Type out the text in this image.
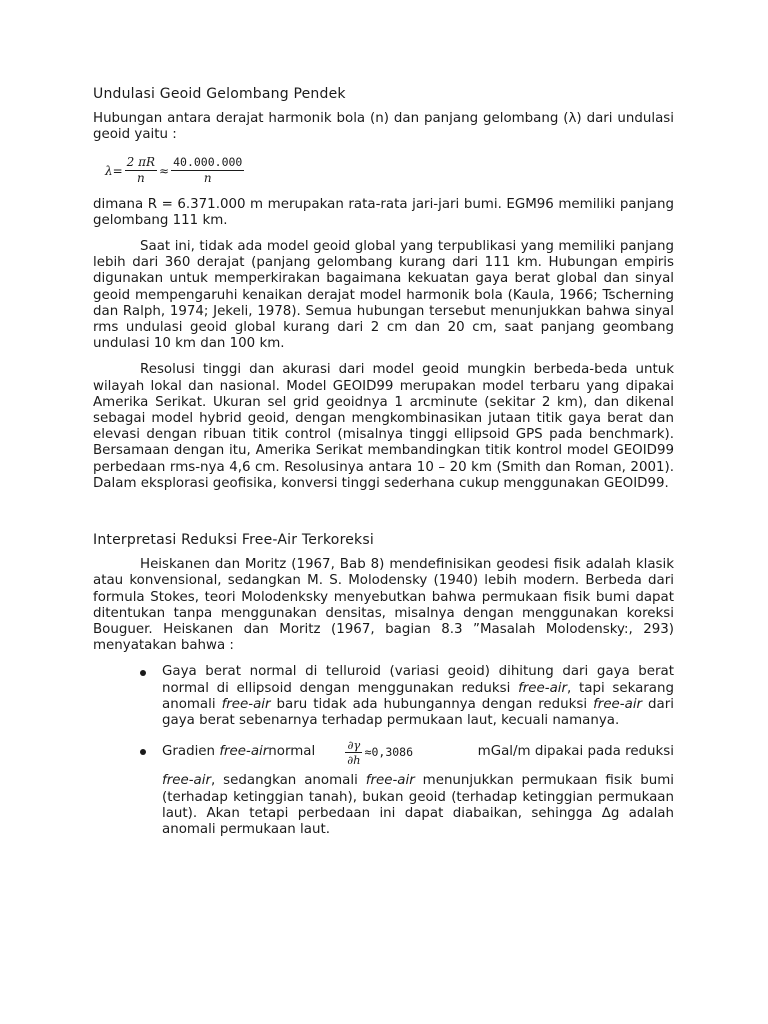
Undulasi Geoid Gelombang Pendek

Hubungan antara derajat harmonik bola (n) dan panjang gelombang (λ) dari undulasi geoid yaitu :

$\lambda= \frac{2 \pi R}{n} \approx \frac{40.000.000}{n}$

dimana R = 6.371.000 m merupakan rata-rata jari-jari bumi. EGM96 memiliki panjang gelombang 111 km.

Saat ini, tidak ada model geoid global yang terpublikasi yang memiliki panjang lebih dari 360 derajat (panjang gelombang kurang dari 111 km. Hubungan empiris digunakan untuk memperkirakan bagaimana kekuatan gaya berat global dan sinyal geoid mempengaruhi kenaikan derajat model harmonik bola (Kaula, 1966; Tscherning dan Ralph, 1974; Jekeli, 1978). Semua hubungan tersebut menunjukkan bahwa sinyal rms undulasi geoid global kurang dari 2 cm dan 20 cm, saat panjang geombang undulasi 10 km dan 100 km.

Resolusi tinggi dan akurasi dari model geoid mungkin berbeda-beda untuk wilayah lokal dan nasional. Model GEOID99 merupakan model terbaru yang dipakai Amerika Serikat. Ukuran sel grid geoidnya 1 arcminute (sekitar 2 km), dan dikenal sebagai model hybrid geoid, dengan mengkombinasikan jutaan titik gaya berat dan elevasi dengan ribuan titik control (misalnya tinggi ellipsoid GPS pada benchmark). Bersamaan dengan itu, Amerika Serikat membandingkan titik kontrol model GEOID99 perbedaan rms-nya 4,6 cm. Resolusinya antara 10 – 20 km (Smith dan Roman, 2001). Dalam eksplorasi geofisika, konversi tinggi sederhana cukup menggunakan GEOID99.

Interpretasi Reduksi Free-Air Terkoreksi

Heiskanen dan Moritz (1967, Bab 8) mendefinisikan geodesi fisik adalah klasik atau konvensional, sedangkan M. S. Molodensky (1940) lebih modern. Berbeda dari formula Stokes, teori Molodenksky menyebutkan bahwa permukaan fisik bumi dapat ditentukan tanpa menggunakan densitas, misalnya dengan menggunakan koreksi Bouguer. Heiskanen dan Moritz (1967, bagian 8.3 ”Masalah Molodensky:, 293) menyatakan bahwa :

Gaya berat normal di telluroid (variasi geoid) dihitung dari gaya berat normal di ellipsoid dengan menggunakan reduksi free-air, tapi sekarang anomali free-air baru tidak ada hubungannya dengan reduksi free-air dari gaya berat sebenarnya terhadap permukaan laut, kecuali namanya.
Gradien
free-air normal	$\frac{\partial\gamma}{\partial h} \approx 0,3086$	mGal/m dipakai pada reduksi
free-air, sedangkan anomali free-air menunjukkan permukaan fisik bumi (terhadap ketinggian tanah), bukan geoid (terhadap ketinggian permukaan laut). Akan tetapi perbedaan ini dapat diabaikan, sehingga ∆g adalah anomali permukaan laut.
